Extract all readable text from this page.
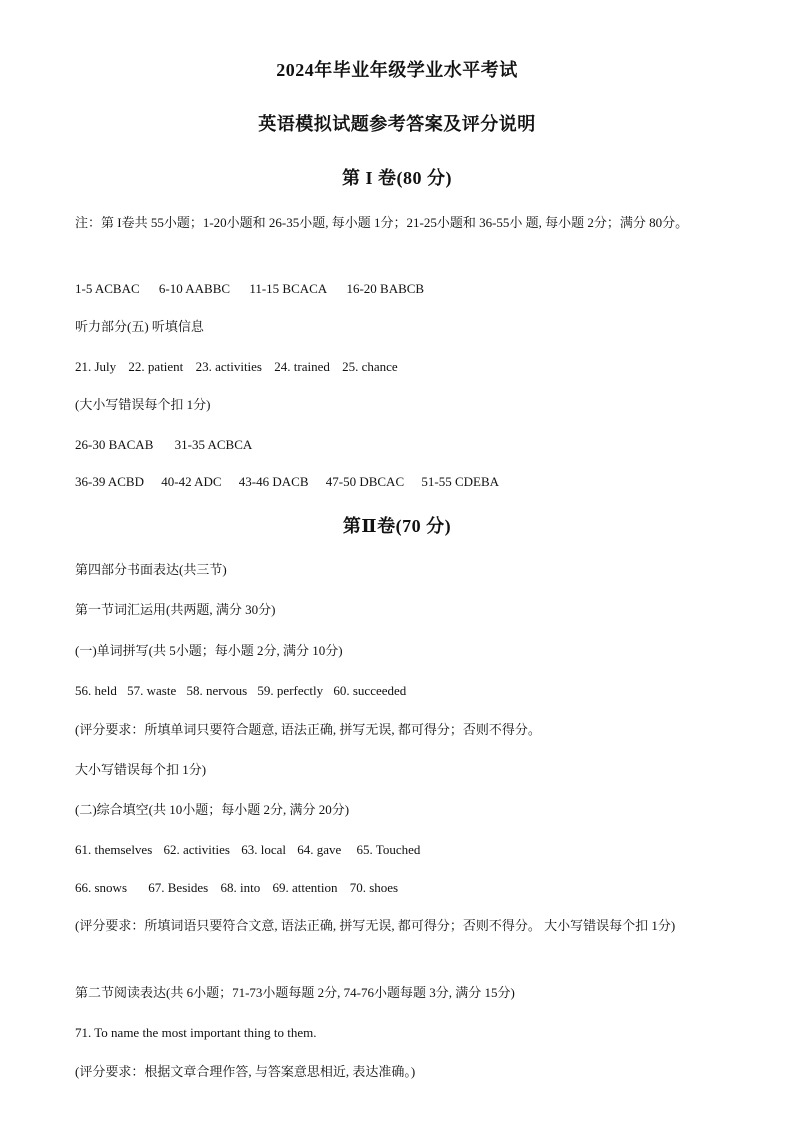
2024年毕业年级学业水平考试
英语模拟试题参考答案及评分说明
第 I 卷(80 分)
注：第 I卷共 55小题；1-20小题和 26-35小题, 每小题 1分；21-25小题和 36-55小 题, 每小题 2分；满分 80分。
1-5 ACBAC 6-10 AABBC 11-15 BCACA 16-20 BABCB
听力部分(五) 听填信息
21. July 22. patient 23. activities 24. trained 25. chance
(大小写错误每个扣 1分)
26-30 BACAB 31-35 ACBCA
36-39 ACBD 40-42 ADC 43-46 DACB 47-50 DBCAC 51-55 CDEBA
第Ⅱ卷(70 分)
第四部分书面表达(共三节)
第一节词汇运用(共两题, 满分 30分)
(一)单词拼写(共 5小题；每小题 2分, 满分 10分)
56. held 57. waste 58. nervous 59. perfectly 60. succeeded
(评分要求：所填单词只要符合题意, 语法正确, 拼写无误, 都可得分；否则不得分。
大小写错误每个扣 1分)
(二)综合填空(共 10小题；每小题 2分, 满分 20分)
61. themselves 62. activities 63. local 64. gave 65. Touched
66. snows 67. Besides 68. into 69. attention 70. shoes
(评分要求：所填词语只要符合文意, 语法正确, 拼写无误, 都可得分；否则不得分。 大小写错误每个扣 1分)
第二节阅读表达(共 6小题；71-73小题每题 2分, 74-76小题每题 3分, 满分 15分)
71. To name the most important thing to them.
(评分要求：根据文章合理作答, 与答案意思相近, 表达准确。)
